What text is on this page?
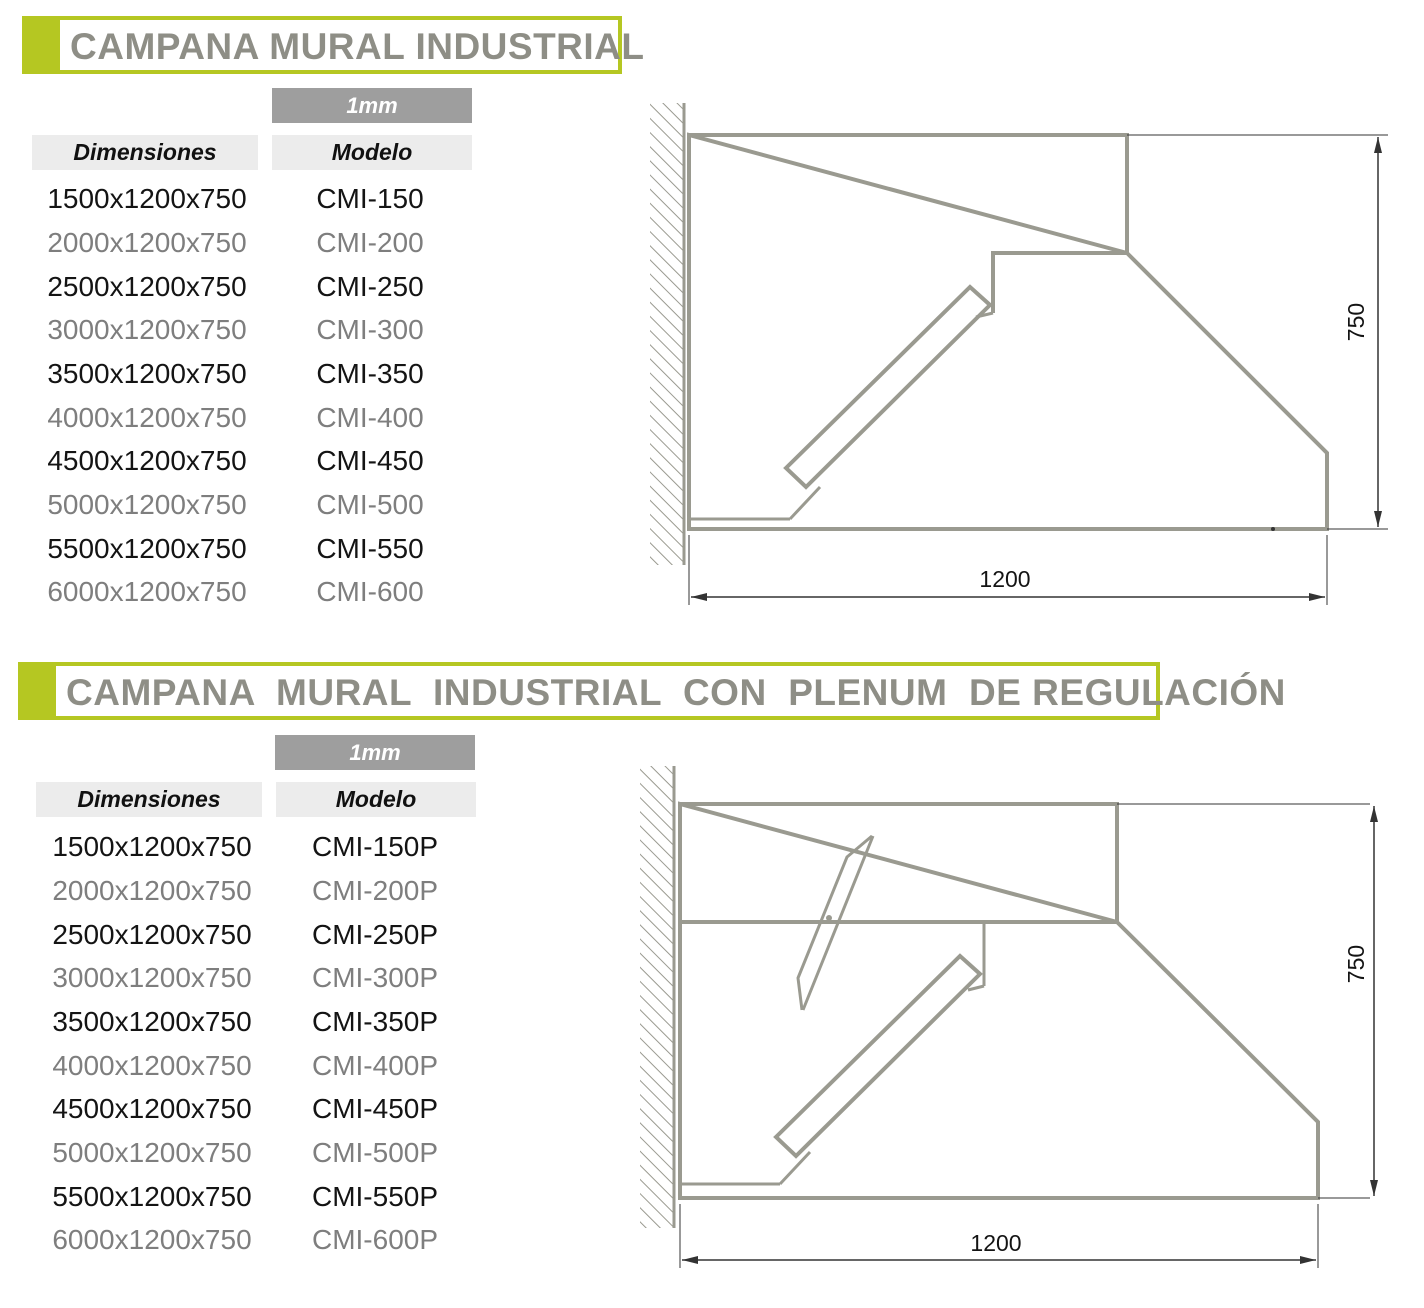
CAMPANA MURAL INDUSTRIAL
1mm
Dimensiones	Modelo
1500x1200x750	CMI-150
2000x1200x750	CMI-200
2500x1200x750	CMI-250
3000x1200x750	CMI-300
3500x1200x750	CMI-350
4000x1200x750	CMI-400
4500x1200x750	CMI-450
5000x1200x750	CMI-500
5500x1200x750	CMI-550
6000x1200x750	CMI-600
750
1200
CAMPANA  MURAL  INDUSTRIAL  CON  PLENUM  DE REGULACIÓN
1mm
Dimensiones	Modelo
1500x1200x750	CMI-150P
2000x1200x750	CMI-200P
2500x1200x750	CMI-250P
3000x1200x750	CMI-300P
3500x1200x750	CMI-350P
4000x1200x750	CMI-400P
4500x1200x750	CMI-450P
5000x1200x750	CMI-500P
5500x1200x750	CMI-550P
6000x1200x750	CMI-600P
750
1200
